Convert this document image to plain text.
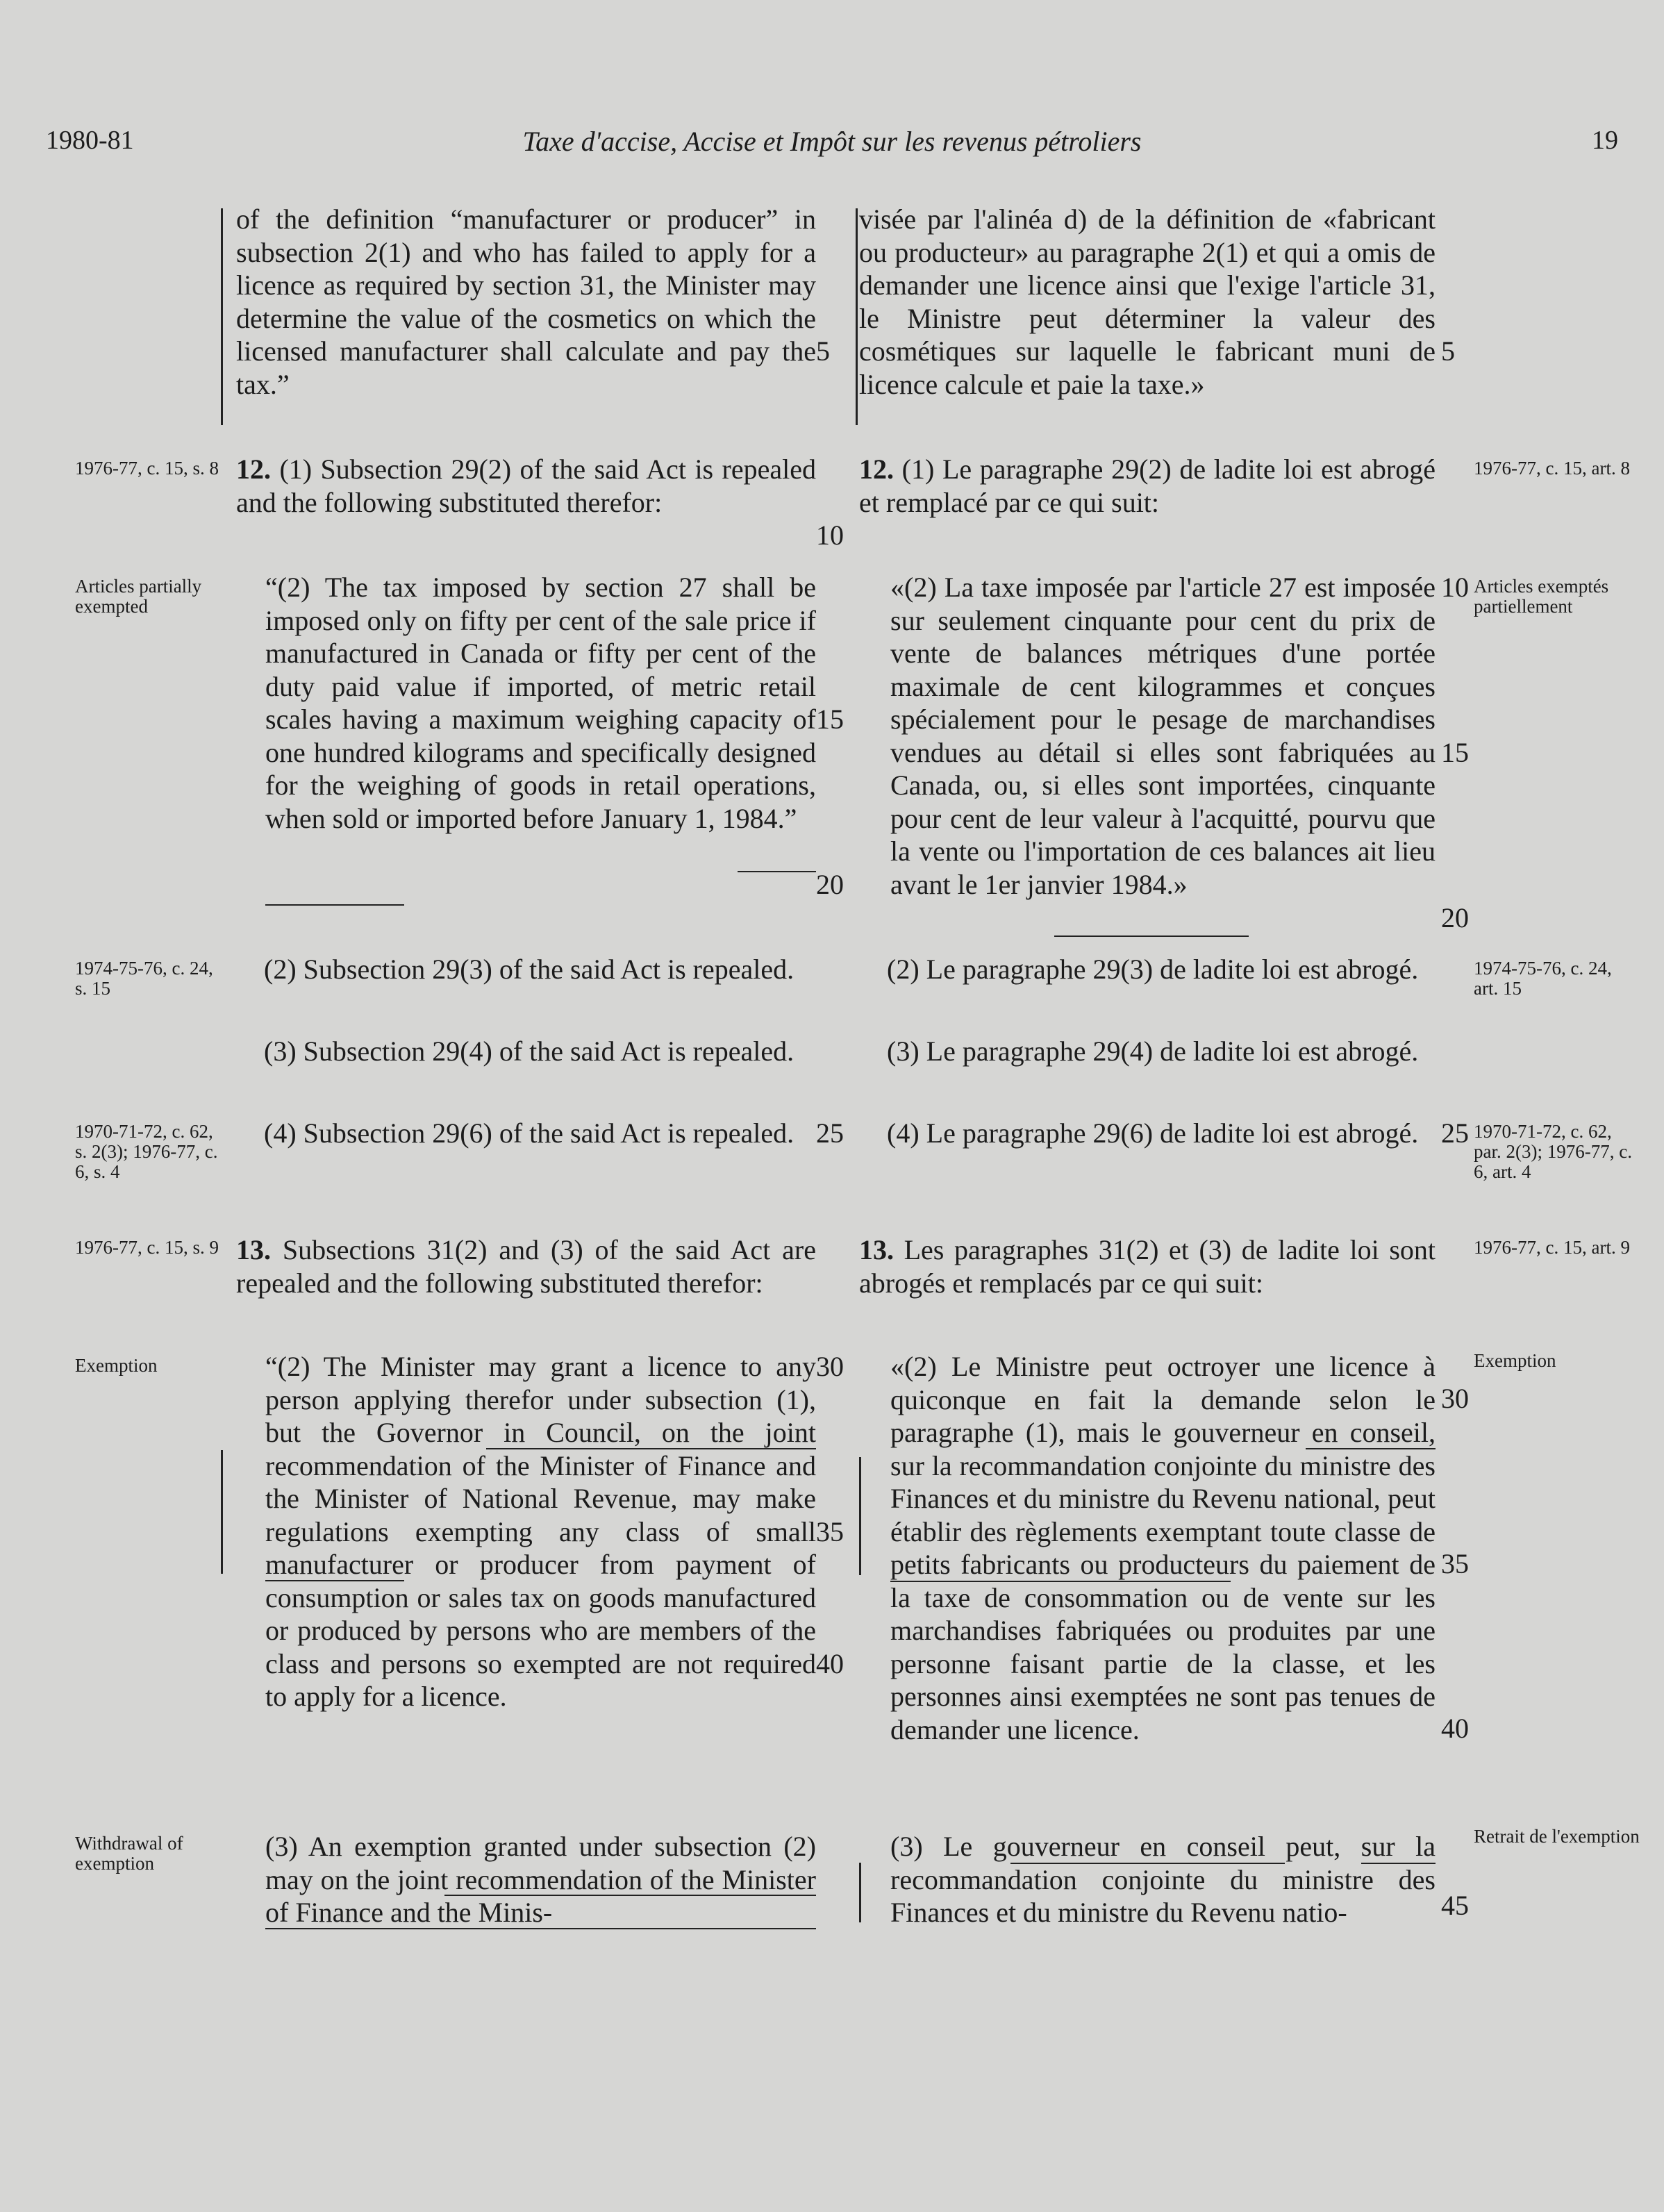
Taxe d'accise, Accise et Impôt sur les revenus pétroliers
1980-81	19

of the definition “manufacturer or producer” in subsection 2(1) and who has failed to apply for a licence as required by section 31, the Minister may determine the value of the cosmetics on which the licensed manufacturer shall calculate and pay the tax.”

12. (1) Subsection 29(2) of the said Act is repealed and the following substituted therefor:

“(2) The tax imposed by section 27 shall be imposed only on fifty per cent of the sale price if manufactured in Canada or fifty per cent of the duty paid value if imported, of metric retail scales having a maximum weighing capacity of one hundred kilograms and specifically designed for the weighing of goods in retail operations, when sold or imported before January 1, 1984.”

(2) Subsection 29(3) of the said Act is repealed.

(3) Subsection 29(4) of the said Act is repealed.

(4) Subsection 29(6) of the said Act is repealed.

13. Subsections 31(2) and (3) of the said Act are repealed and the following substituted therefor:

“(2) The Minister may grant a licence to any person applying therefor under subsection (1), but the Governor in Council, on the joint recommendation of the Minister of Finance and the Minister of National Revenue, may make regulations exempting any class of small manufacturer or producer from payment of consumption or sales tax on goods manufactured or produced by persons who are members of the class and persons so exempted are not required to apply for a licence.

(3) An exemption granted under subsection (2) may on the joint recommendation of the Minister of Finance and the Minis-

5
10
15
20
25
30
35
40

visée par l'alinéa d) de la définition de «fabricant ou producteur» au paragraphe 2(1) et qui a omis de demander une licence ainsi que l'exige l'article 31, le Ministre peut déterminer la valeur des cosmétiques sur laquelle le fabricant muni de licence calcule et paie la taxe.»

12. (1) Le paragraphe 29(2) de ladite loi est abrogé et remplacé par ce qui suit:

«(2) La taxe imposée par l'article 27 est imposée sur seulement cinquante pour cent du prix de vente de balances métriques d'une portée maximale de cent kilogrammes et conçues spécialement pour le pesage de marchandises vendues au détail si elles sont fabriquées au Canada, ou, si elles sont importées, cinquante pour cent de leur valeur à l'acquitté, pourvu que la vente ou l'importation de ces balances ait lieu avant le 1er janvier 1984.»

(2) Le paragraphe 29(3) de ladite loi est abrogé.

(3) Le paragraphe 29(4) de ladite loi est abrogé.

(4) Le paragraphe 29(6) de ladite loi est abrogé.

13. Les paragraphes 31(2) et (3) de ladite loi sont abrogés et remplacés par ce qui suit:

«(2) Le Ministre peut octroyer une licence à quiconque en fait la demande selon le paragraphe (1), mais le gouverneur en conseil, sur la recommandation conjointe du ministre des Finances et du ministre du Revenu national, peut établir des règlements exemptant toute classe de petits fabricants ou producteurs du paiement de la taxe de consommation ou de vente sur les marchandises fabriquées ou produites par une personne faisant partie de la classe, et les personnes ainsi exemptées ne sont pas tenues de demander une licence.

(3) Le gouverneur en conseil peut, sur la recommandation conjointe du ministre des Finances et du ministre du Revenu natio-

5
10
15
20
25
30
35
40
45
1976-77, c. 15, s. 8
Articles partially exempted
1974-75-76, c. 24, s. 15
1970-71-72, c. 62, s. 2(3); 1976-77, c. 6, s. 4
1976-77, c. 15, s. 9
Exemption
Withdrawal of exemption
1976-77, c. 15, art. 8
Articles exemptés partiellement
1974-75-76, c. 24, art. 15
1970-71-72, c. 62, par. 2(3); 1976-77, c. 6, art. 4
1976-77, c. 15, art. 9
Exemption
Retrait de l'exemption
